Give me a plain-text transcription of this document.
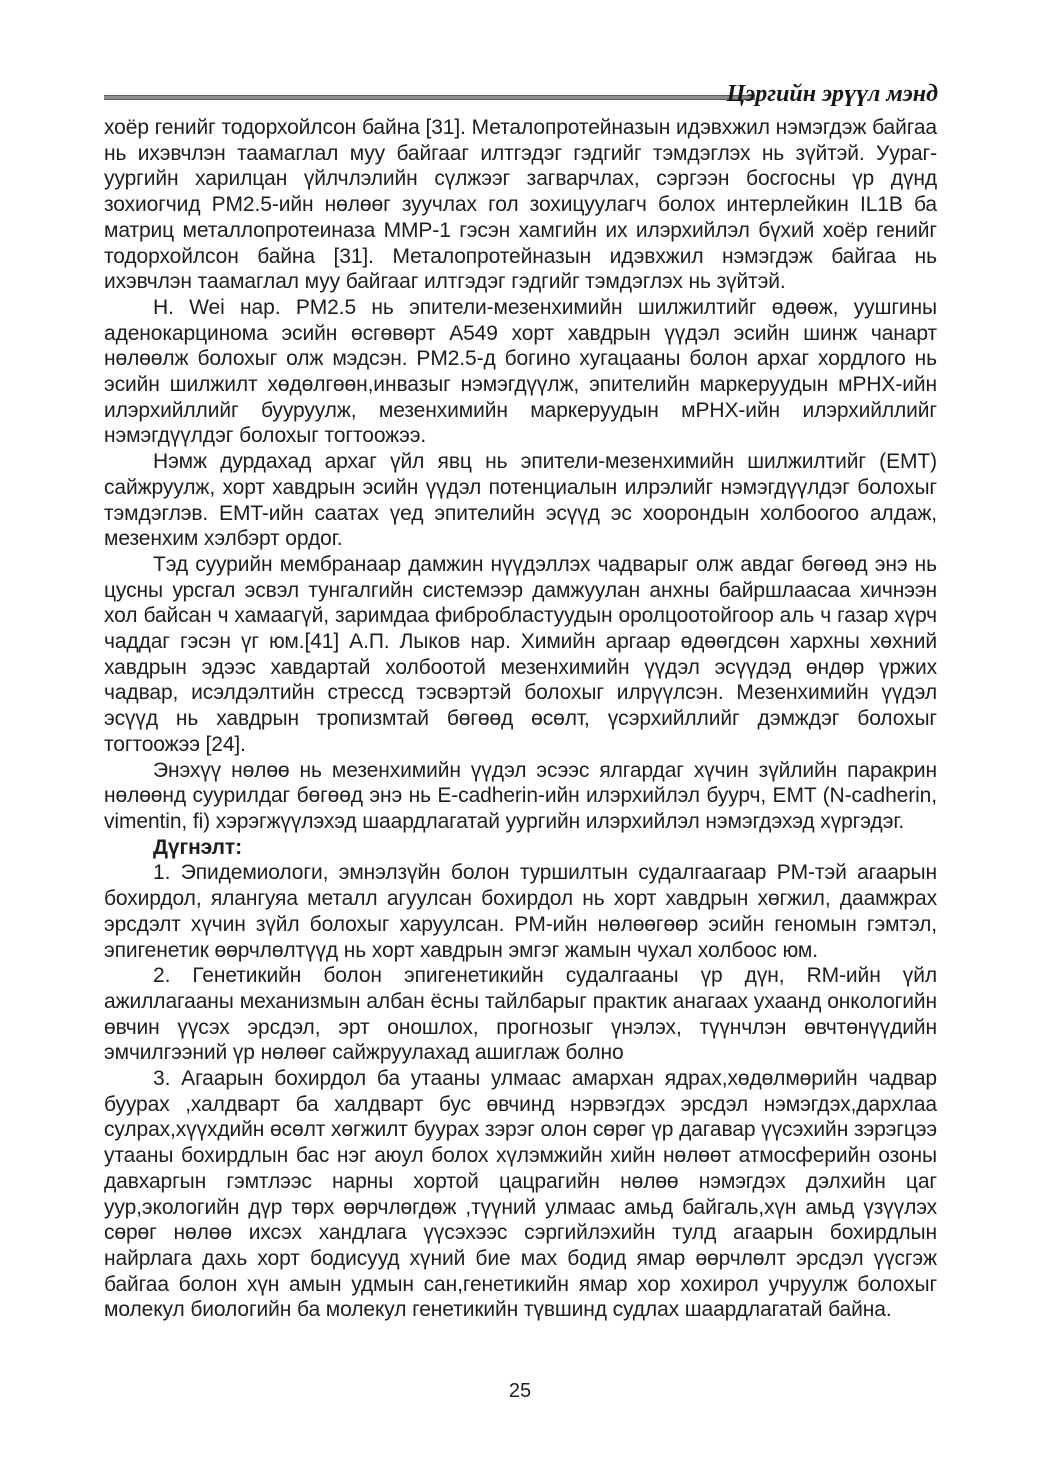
Цэргийн эрүүл мэнд

хоёр генийг тодорхойлсон байна [31]. Металопротейназын идэвхжил нэмэгдэж байгаа нь ихэвчлэн таамаглал муу байгааг илтгэдэг гэдгийг тэмдэглэх нь зүйтэй. Уураг-уургийн харилцан үйлчлэлийн сүлжээг загварчлах, сэргээн босгосны үр дүнд зохиогчид PM2.5-ийн нөлөөг зуучлах гол зохицуулагч болох интерлейкин IL1B ба матриц металлопротеиназа MMP-1 гэсэн хамгийн их илэрхийлэл бүхий хоёр генийг тодорхойлсон байна [31]. Металопротейназын идэвхжил нэмэгдэж байгаа нь ихэвчлэн таамаглал муу байгааг илтгэдэг гэдгийг тэмдэглэх нь зүйтэй.

Н. Wei нар. PM2.5 нь эпители-мезенхимийн шилжилтийг өдөөж, уушгины аденокарцинома эсийн өсгөвөрт А549 хорт хавдрын үүдэл эсийн шинж чанарт нөлөөлж болохыг олж мэдсэн. PM2.5-д богино хугацааны болон архаг хордлого нь эсийн шилжилт хөдөлгөөн,инвазыг нэмэгдүүлж, эпителийн маркеруудын мРНХ-ийн илэрхийллийг бууруулж, мезенхимийн маркеруудын мРНХ-ийн илэрхийллийг нэмэгдүүлдэг болохыг тогтоожээ.

Нэмж дурдахад архаг үйл явц нь эпители-мезенхимийн шилжилтийг (EMT) сайжруулж, хорт хавдрын эсийн үүдэл потенциалын илрэлийг нэмэгдүүлдэг болохыг тэмдэглэв. EMT-ийн саатах үед эпителийн эсүүд эс хоорондын холбоогоо алдаж, мезенхим хэлбэрт ордог.

Тэд суурийн мембранаар дамжин нүүдэллэх чадварыг олж авдаг бөгөөд энэ нь цусны урсгал эсвэл тунгалгийн системээр дамжуулан анхны байршлаасаа хичнээн хол байсан ч хамаагүй, заримдаа фибробластуудын оролцоотойгоор аль ч газар хүрч чаддаг гэсэн үг юм.[41] А.П. Лыков нар. Химийн аргаар өдөөгдсөн хархны хөхний хавдрын эдээс хавдартай холбоотой мезенхимийн үүдэл эсүүдэд өндөр үржих чадвар, исэлдэлтийн стрессд тэсвэртэй болохыг илрүүлсэн. Мезенхимийн үүдэл эсүүд нь хавдрын тропизмтай бөгөөд өсөлт, үсэрхийллийг дэмждэг болохыг тогтоожээ [24].

Энэхүү нөлөө нь мезенхимийн үүдэл эсээс ялгардаг хүчин зүйлийн паракрин нөлөөнд суурилдаг бөгөөд энэ нь E-cadherin-ийн илэрхийлэл буурч, EMT (N-cadherin, vimentin, fi) хэрэгжүүлэхэд шаардлагатай уургийн илэрхийлэл нэмэгдэхэд хүргэдэг.

Дүгнэлт:

1. Эпидемиологи, эмнэлзүйн болон туршилтын судалгаагаар PM-тэй агаарын бохирдол, ялангуяа металл агуулсан бохирдол нь хорт хавдрын хөгжил, даамжрах эрсдэлт хүчин зүйл болохыг харуулсан. PM-ийн нөлөөгөөр эсийн геномын гэмтэл, эпигенетик өөрчлөлтүүд нь хорт хавдрын эмгэг жамын чухал холбоос юм.

2. Генетикийн болон эпигенетикийн судалгааны үр дүн, RM-ийн үйл ажиллагааны механизмын албан ёсны тайлбарыг практик анагаах ухаанд онкологийн өвчин үүсэх эрсдэл, эрт оношлох, прогнозыг үнэлэх, түүнчлэн өвчтөнүүдийн эмчилгээний үр нөлөөг сайжруулахад ашиглаж болно

3. Агаарын бохирдол ба утааны улмаас амархан ядрах,хөдөлмөрийн чадвар буурах ,халдварт ба халдварт бус өвчинд нэрвэгдэх эрсдэл нэмэгдэх,дархлаа сулрах,хүүхдийн өсөлт хөгжилт буурах зэрэг олон сөрөг үр дагавар үүсэхийн зэрэгцээ утааны бохирдлын бас нэг аюул болох хүлэмжийн хийн нөлөөт атмосферийн озоны давхаргын гэмтлээс нарны хортой цацрагийн нөлөө нэмэгдэх дэлхийн цаг уур,экологийн дүр төрх өөрчлөгдөж ,түүний улмаас амьд байгаль,хүн амьд үзүүлэх сөрөг нөлөө ихсэх хандлага үүсэхээс сэргийлэхийн тулд агаарын бохирдлын найрлага дахь хорт бодисууд хүний бие мах бодид ямар өөрчлөлт эрсдэл үүсгэж байгаа болон хүн амын удмын сан,генетикийн ямар хор хохирол учруулж болохыг молекул биологийн ба молекул генетикийн түвшинд судлах шаардлагатай байна.

25
